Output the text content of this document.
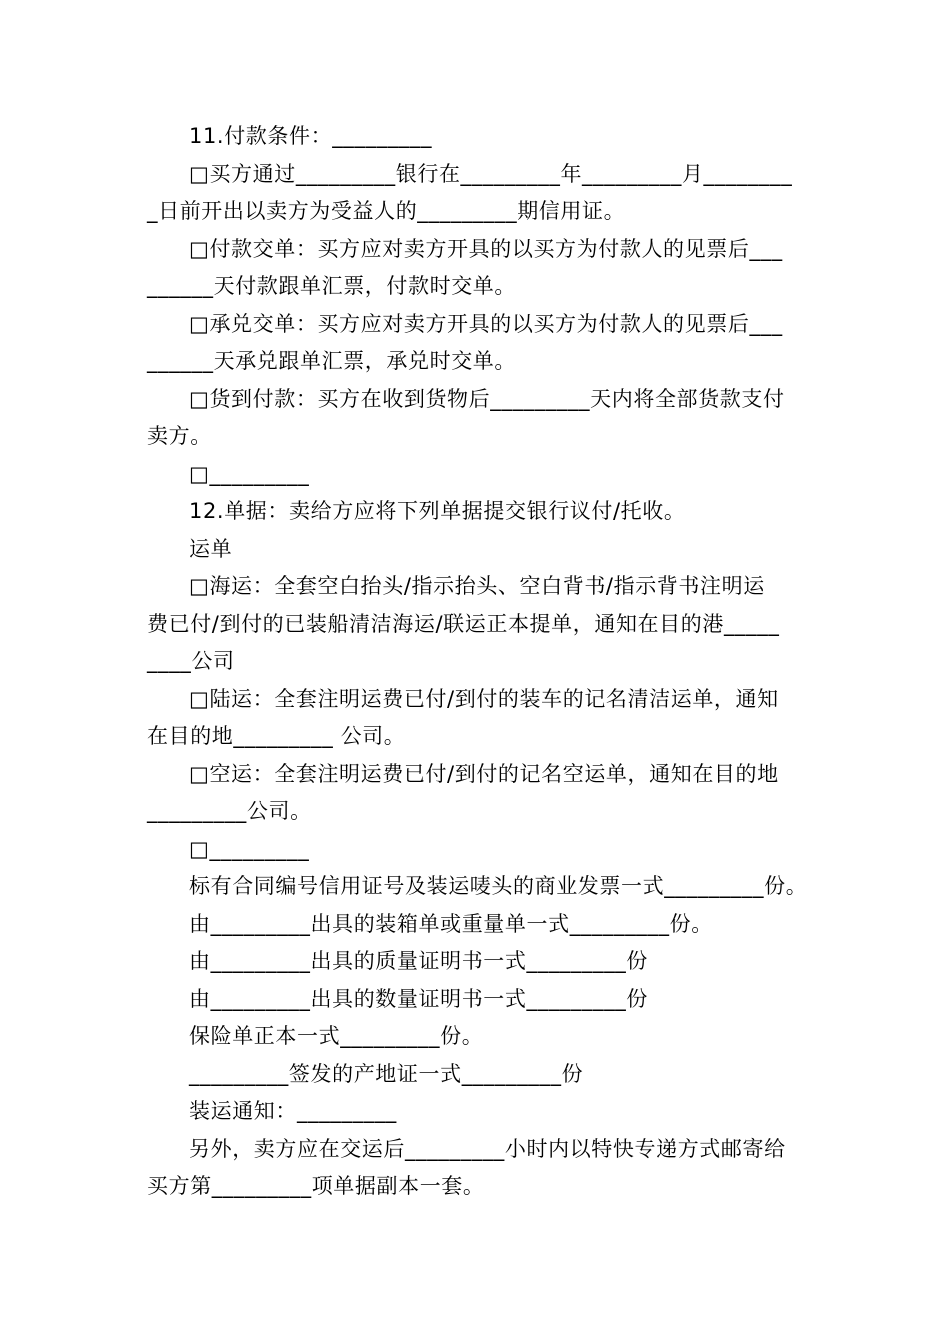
11.付款条件：_________
□买方通过_________银行在_________年_________月________
_日前开出以卖方为受益人的_________期信用证。
□付款交单：买方应对卖方开具的以买方为付款人的见票后___
______天付款跟单汇票，付款时交单。
□承兑交单：买方应对卖方开具的以买方为付款人的见票后___
______天承兑跟单汇票，承兑时交单。
□货到付款：买方在收到货物后_________天内将全部货款支付
卖方。
□_________
12.单据：卖给方应将下列单据提交银行议付/托收。
运单
□海运：全套空白抬头/指示抬头、空白背书/指示背书注明运
费已付/到付的已装船清洁海运/联运正本提单，通知在目的港_____
____公司
□陆运：全套注明运费已付/到付的装车的记名清洁运单，通知
在目的地_________ 公司。
□空运：全套注明运费已付/到付的记名空运单，通知在目的地
_________公司。
□_________
标有合同编号信用证号及装运唛头的商业发票一式_________份。
由_________出具的装箱单或重量单一式_________份。
由_________出具的质量证明书一式_________份
由_________出具的数量证明书一式_________份
保险单正本一式_________份。
_________签发的产地证一式_________份
装运通知：_________
另外，卖方应在交运后_________小时内以特快专递方式邮寄给
买方第_________项单据副本一套。
